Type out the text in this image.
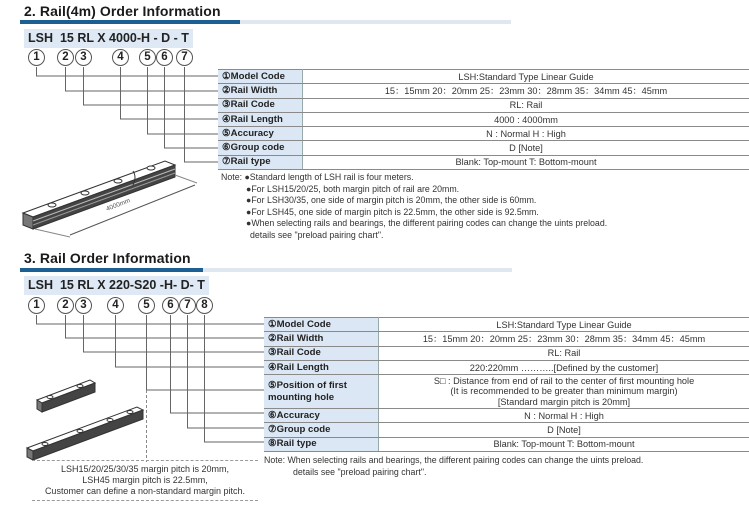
2. Rail(4m) Order Information
LSH  15 RL X 4000-H - D - T
1	2	3	4	5 6	7
4000mm
①Model Code	LSH:Standard Type Linear Guide
②Rail Width	15：15mm 20：20mm 25：23mm 30：28mm 35：34mm 45：45mm
③Rail Code	RL: Rail
④Rail Length	4000 : 4000mm
⑤Accuracy	N : Normal H : High
⑥Group code	D [Note]
⑦Rail type	Blank: Top-mount T: Bottom-mount
Note: ●Standard length of LSH rail is four meters.
●For LSH15/20/25, both margin pitch of rail are 20mm.
●For LSH30/35, one side of margin pitch is 20mm, the other side is 60mm.
●For LSH45, one side of margin pitch is 22.5mm, the other side is 92.5mm.
●When selecting rails and bearings, the different pairing codes can change the uints preload.
details see "preload pairing chart".
3. Rail Order Information
LSH  15 RL X 220-S20 -H- D- T
1	2	3	4	5	6 7 8
①Model Code	LSH:Standard Type Linear Guide
②Rail Width	15：15mm 20：20mm 25：23mm 30：28mm 35：34mm 45：45mm
③Rail Code	RL: Rail
④Rail Length	220:220mm ………..[Defined by the customer]
⑤Position of first
mounting hole	S□ : Distance from end of rail to the center of first mounting hole
(It is recommended to be greater than minimum margin)
[Standard margin pitch is 20mm]
⑥Accuracy	N : Normal H : High
⑦Group code	D [Note]
⑧Rail type	Blank: Top-mount T: Bottom-mount
Note: When selecting rails and bearings, the different pairing codes can change the uints preload.
details see "preload pairing chart".
LSH15/20/25/30/35 margin pitch is 20mm,
LSH45 margin pitch is 22.5mm,
Customer can define a non-standard margin pitch.
